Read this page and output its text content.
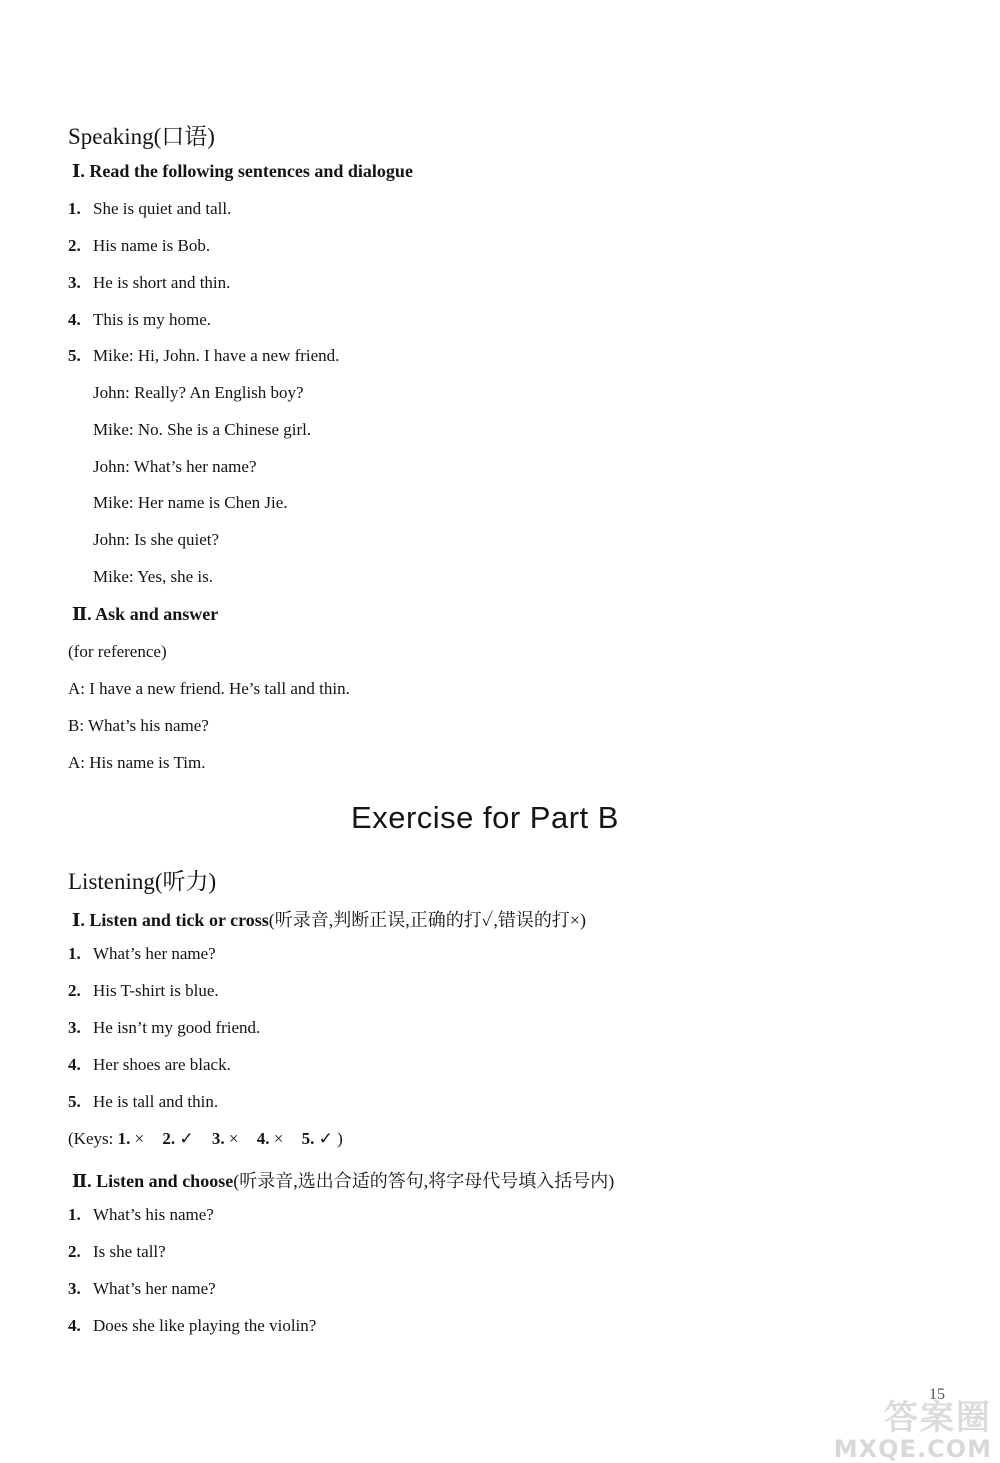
Speaking(口语)
Ⅰ. Read the following sentences and dialogue
1. She is quiet and tall.
2. His name is Bob.
3. He is short and thin.
4. This is my home.
5. Mike: Hi, John. I have a new friend.
John: Really? An English boy?
Mike: No. She is a Chinese girl.
John: What’s her name?
Mike: Her name is Chen Jie.
John: Is she quiet?
Mike: Yes, she is.
Ⅱ. Ask and answer
(for reference)
A: I have a new friend. He’s tall and thin.
B: What’s his name?
A: His name is Tim.
Exercise for Part B
Listening(听力)
Ⅰ. Listen and tick or cross(听录音,判断正误,正确的打✓,错误的打×)
1. What’s her name?
2. His T-shirt is blue.
3. He isn’t my good friend.
4. Her shoes are black.
5. He is tall and thin.
(Keys: 1. × 2. ✓ 3. × 4. × 5. ✓ )
Ⅱ. Listen and choose(听录音,选出合适的答句,将字母代号填入括号内)
1. What’s his name?
2. Is she tall?
3. What’s her name?
4. Does she like playing the violin?
15
答案圈
MXQE.COM
